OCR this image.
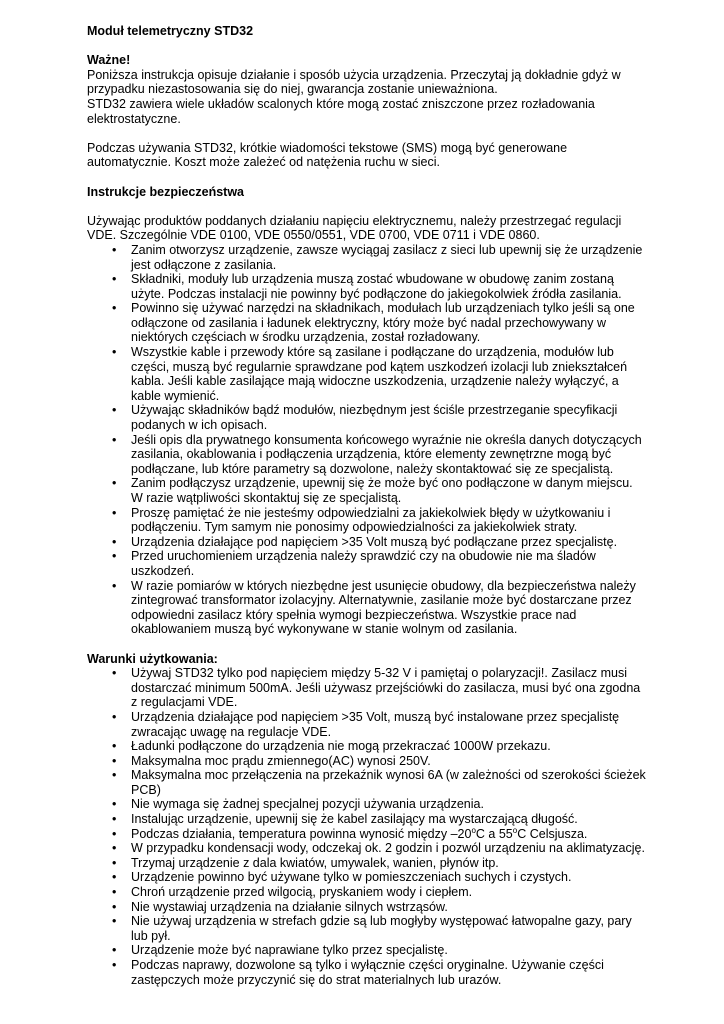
Moduł telemetryczny STD32

Ważne!

Poniższa instrukcja opisuje działanie i sposób użycia urządzenia. Przeczytaj ją dokładnie gdyż w przypadku niezastosowania się do niej, gwarancja zostanie unieważniona.

STD32 zawiera wiele układów scalonych które mogą zostać zniszczone przez rozładowania elektrostatyczne.

Podczas używania STD32, krótkie wiadomości tekstowe (SMS) mogą być generowane automatycznie. Koszt może zależeć od natężenia ruchu w sieci.

Instrukcje bezpieczeństwa

Używając produktów poddanych działaniu napięciu elektrycznemu, należy przestrzegać regulacji VDE. Szczególnie VDE 0100, VDE 0550/0551, VDE 0700, VDE 0711 i VDE 0860.

• Zanim otworzysz urządzenie, zawsze wyciągaj zasilacz z sieci lub upewnij się że urządzenie jest odłączone z zasilania.
• Składniki, moduły lub urządzenia muszą zostać wbudowane w obudowę zanim zostaną użyte. Podczas instalacji nie powinny być podłączone do jakiegokolwiek źródła zasilania.
• Powinno się używać narzędzi na składnikach, modułach lub urządzeniach tylko jeśli są one odłączone od zasilania i ładunek elektryczny, który może być nadal przechowywany w niektórych częściach w środku urządzenia, został rozładowany.
• Wszystkie kable i przewody które są zasilane i podłączane do urządzenia, modułów lub części, muszą być regularnie sprawdzane pod kątem uszkodzeń izolacji lub zniekształceń kabla. Jeśli kable zasilające mają widoczne uszkodzenia, urządzenie należy wyłączyć, a kable wymienić.
• Używając składników bądź modułów, niezbędnym jest ściśle przestrzeganie specyfikacji podanych w ich opisach.
• Jeśli opis dla prywatnego konsumenta końcowego wyraźnie nie określa danych dotyczących zasilania, okablowania i podłączenia urządzenia, które elementy zewnętrzne mogą być podłączane, lub które parametry są dozwolone, należy skontaktować się ze specjalistą.
• Zanim podłączysz urządzenie, upewnij się że może być ono podłączone w danym miejscu. W razie wątpliwości skontaktuj się ze specjalistą.
• Proszę pamiętać że nie jesteśmy odpowiedzialni za jakiekolwiek błędy w użytkowaniu i podłączeniu. Tym samym nie ponosimy odpowiedzialności za jakiekolwiek straty.
• Urządzenia działające pod napięciem >35 Volt muszą być podłączane przez specjalistę.
• Przed uruchomieniem urządzenia należy sprawdzić czy na obudowie nie ma śladów uszkodzeń.
• W razie pomiarów w których niezbędne jest usunięcie obudowy, dla bezpieczeństwa należy zintegrować transformator izolacyjny. Alternatywnie, zasilanie może być dostarczane przez odpowiedni zasilacz który spełnia wymogi bezpieczeństwa. Wszystkie prace nad okablowaniem muszą być wykonywane w stanie wolnym od zasilania.

Warunki użytkowania:

• Używaj STD32 tylko pod napięciem między 5-32 V i pamiętaj o polaryzacji!. Zasilacz musi dostarczać minimum 500mA. Jeśli używasz przejściówki do zasilacza, musi być ona zgodna z regulacjami VDE.
• Urządzenia działające pod napięciem >35 Volt, muszą być instalowane przez specjalistę zwracając uwagę na regulacje VDE.
• Ładunki podłączone do urządzenia nie mogą przekraczać 1000W przekazu.
• Maksymalna moc prądu zmiennego(AC) wynosi 250V.
• Maksymalna moc przełączenia na przekaźnik wynosi 6A (w zależności od szerokości ścieżek PCB)
• Nie wymaga się żadnej specjalnej pozycji używania urządzenia.
• Instalując urządzenie, upewnij się że kabel zasilający ma wystarczającą długość.
• Podczas działania, temperatura powinna wynosić między –20$^o$C a 55$^o$C Celsjusza.
• W przypadku kondensacji wody, odczekaj ok. 2 godzin i pozwól urządzeniu na aklimatyzację.
• Trzymaj urządzenie z dala kwiatów, umywalek, wanien, płynów itp.
• Urządzenie powinno być używane tylko w pomieszczeniach suchych i czystych.
• Chroń urządzenie przed wilgocią, pryskaniem wody i ciepłem.
• Nie wystawiaj urządzenia na działanie silnych wstrząsów.
• Nie używaj urządzenia w strefach gdzie są lub mogłyby występować łatwopalne gazy, pary lub pył.
• Urządzenie może być naprawiane tylko przez specjalistę.
• Podczas naprawy, dozwolone są tylko i wyłącznie części oryginalne. Używanie części zastępczych może przyczynić się do strat materialnych lub urazów.
